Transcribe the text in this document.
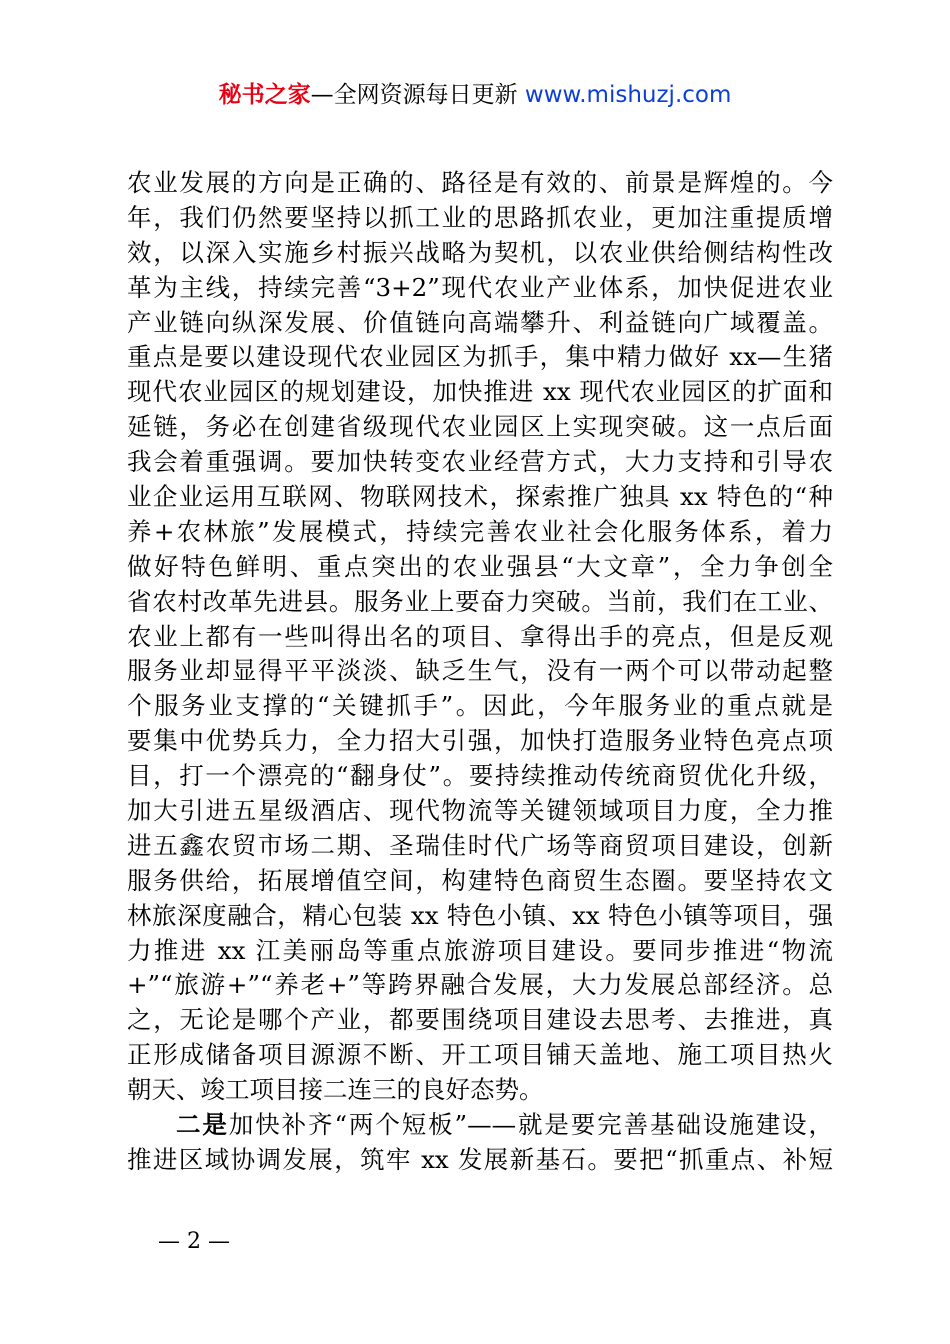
秘书之家—全网资源每日更新 www.mishuzj.com
农业发展的方向是正确的、路径是有效的、前景是辉煌的。今
年，我们仍然要坚持以抓工业的思路抓农业，更加注重提质增
效，以深入实施乡村振兴战略为契机，以农业供给侧结构性改
革为主线，持续完善“3+2”现代农业产业体系，加快促进农业
产业链向纵深发展、价值链向高端攀升、利益链向广域覆盖。
重点是要以建设现代农业园区为抓手，集中精力做好 xx—生猪
现代农业园区的规划建设，加快推进 xx 现代农业园区的扩面和
延链，务必在创建省级现代农业园区上实现突破。这一点后面
我会着重强调。要加快转变农业经营方式，大力支持和引导农
业企业运用互联网、物联网技术，探索推广独具 xx 特色的“种
养+农林旅”发展模式，持续完善农业社会化服务体系，着力
做好特色鲜明、重点突出的农业强县“大文章”，全力争创全
省农村改革先进县。服务业上要奋力突破。当前，我们在工业、
农业上都有一些叫得出名的项目、拿得出手的亮点，但是反观
服务业却显得平平淡淡、缺乏生气，没有一两个可以带动起整
个服务业支撑的“关键抓手”。因此，今年服务业的重点就是
要集中优势兵力，全力招大引强，加快打造服务业特色亮点项
目，打一个漂亮的“翻身仗”。要持续推动传统商贸优化升级，
加大引进五星级酒店、现代物流等关键领域项目力度，全力推
进五鑫农贸市场二期、圣瑞佳时代广场等商贸项目建设，创新
服务供给，拓展增值空间，构建特色商贸生态圈。要坚持农文
林旅深度融合，精心包装 xx 特色小镇、xx 特色小镇等项目，强
力推进 xx 江美丽岛等重点旅游项目建设。要同步推进“物流
+”“旅游+”“养老+”等跨界融合发展，大力发展总部经济。总
之，无论是哪个产业，都要围绕项目建设去思考、去推进，真
正形成储备项目源源不断、开工项目铺天盖地、施工项目热火
朝天、竣工项目接二连三的良好态势。
二是加快补齐“两个短板”——就是要完善基础设施建设，
推进区域协调发展，筑牢 xx 发展新基石。要把“抓重点、补短
— 2 —
